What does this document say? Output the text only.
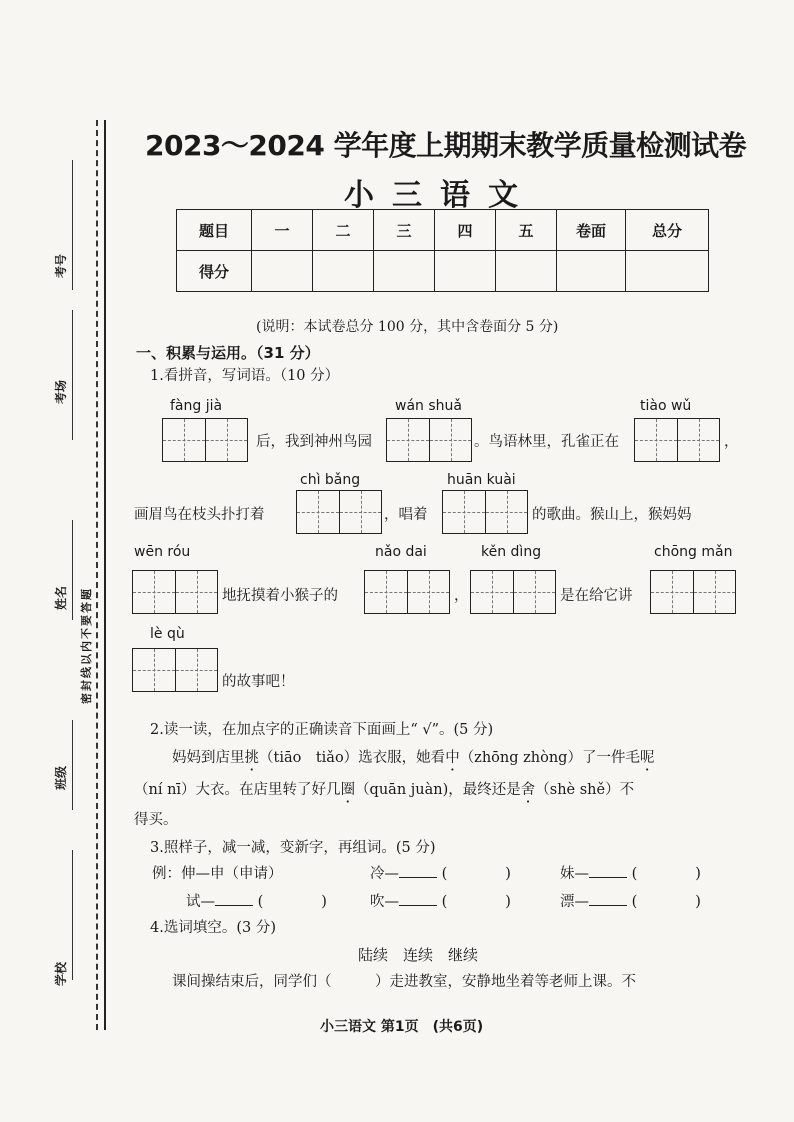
考号
考场
姓名
班级
学校
密封线以内不要答题
2023～2024 学年度上期期末教学质量检测试卷
小三语文
题目	一	二	三	四	五	卷面	总分
得分							
(说明：本试卷总分 100 分，其中含卷面分 5 分)
一、积累与运用。（31 分）
1.看拼音，写词语。（10 分）
fàng jià
后，我到神州鸟园
wán shuǎ
。鸟语林里，孔雀正在
tiào wǔ
，
chì bǎng	huān kuài
画眉鸟在枝头扑打着	，唱着	的歌曲。猴山上，猴妈妈
wēn róu	nǎo dai	kěn dìng	chōng mǎn
地抚摸着小猴子的	，	是在给它讲
lè qù
的故事吧！
2.读一读，在加点字的正确读音下面画上“ √”。(5 分)
妈妈到店里挑（tiāo　tiǎo）选衣服，她看中（zhōng zhòng）了一件毛呢
（ní nī）大衣。在店里转了好几圈（quān juàn)，最终还是舍（shè shě）不
得买。
3.照样子，减一减，变新字，再组词。(5 分)
例：伸—申（申请）	冷—	(　　　　)	妹—	(　　　　)
试—	(　　　　)	吹—	(　　　　)	漂—	(　　　　)
4.选词填空。(3 分)
陆续　连续　继续
课间操结束后，同学们（　　　）走进教室，安静地坐着等老师上课。不
小三语文 第1页　(共6页)
